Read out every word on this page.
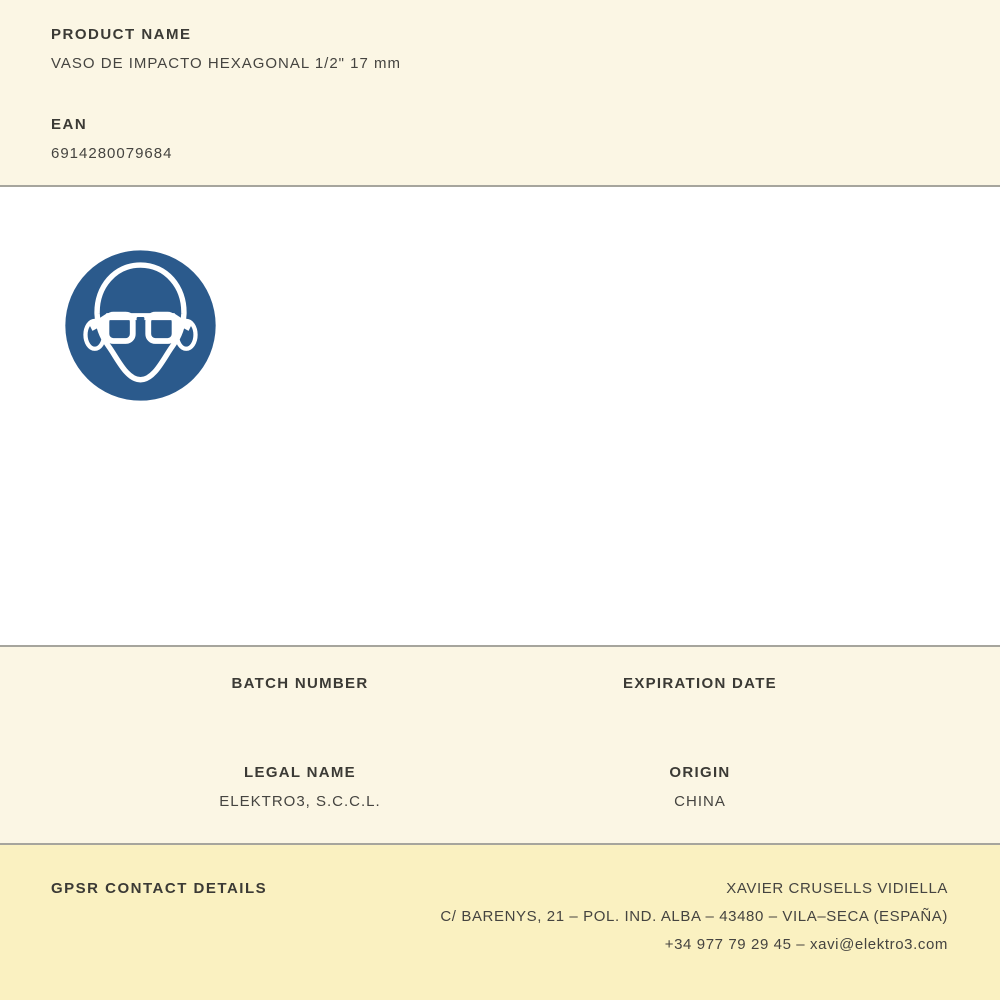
PRODUCT NAME
VASO DE IMPACTO HEXAGONAL 1/2" 17 mm
EAN
6914280079684
BATCH NUMBER	EXPIRATION DATE
LEGAL NAME
ELEKTRO3, S.C.C.L.
ORIGIN
CHINA
GPSR CONTACT DETAILS	XAVIER CRUSELLS VIDIELLA
C/ BARENYS, 21 – POL. IND. ALBA – 43480 – VILA–SECA (ESPAÑA)
+34 977 79 29 45 – xavi@elektro3.com
